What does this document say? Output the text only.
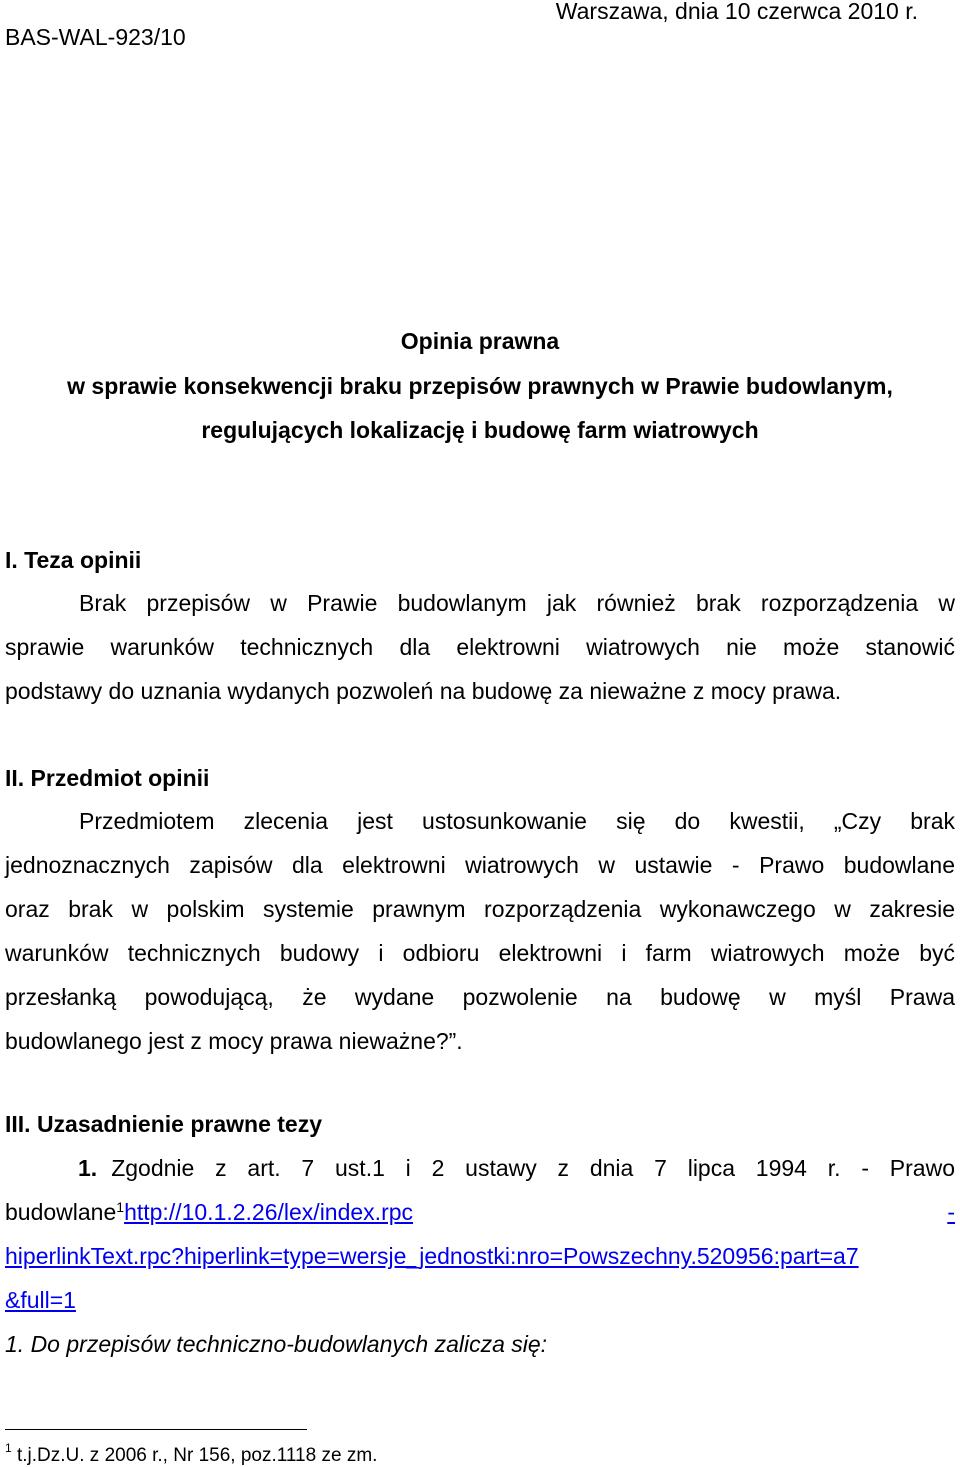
BAS-WAL-923/10
Warszawa, dnia 10 czerwca 2010 r.
Opinia prawna
w sprawie konsekwencji braku przepisów prawnych w Prawie budowlanym,
regulujących lokalizację i budowę farm wiatrowych
I. Teza opinii
Brak przepisów w Prawie budowlanym jak również brak rozporządzenia w
sprawie warunków technicznych dla elektrowni wiatrowych nie może stanowić
podstawy do uznania wydanych pozwoleń na budowę za nieważne z mocy prawa.
II. Przedmiot opinii
Przedmiotem zlecenia jest ustosunkowanie się do kwestii, „Czy brak
jednoznacznych zapisów dla elektrowni wiatrowych w ustawie - Prawo budowlane
oraz brak w polskim systemie prawnym rozporządzenia wykonawczego w zakresie
warunków technicznych budowy i odbioru elektrowni i farm wiatrowych może być
przesłanką powodującą, że wydane pozwolenie na budowę w myśl Prawa
budowlanego jest z mocy prawa nieważne?”.
III. Uzasadnienie prawne tezy
1. Zgodnie z art. 7 ust.1 i 2 ustawy z dnia 7 lipca 1994 r. - Prawo
budowlane 1 http://10.1.2.26/lex/index.rpc	-
hiperlinkText.rpc?hiperlink=type=wersje_jednostki:nro=Powszechny.520956:part=a7
&full=1
1. Do przepisów techniczno-budowlanych zalicza się:
$^1$ t.j.Dz.U. z 2006 r., Nr 156, poz.1118 ze zm.
